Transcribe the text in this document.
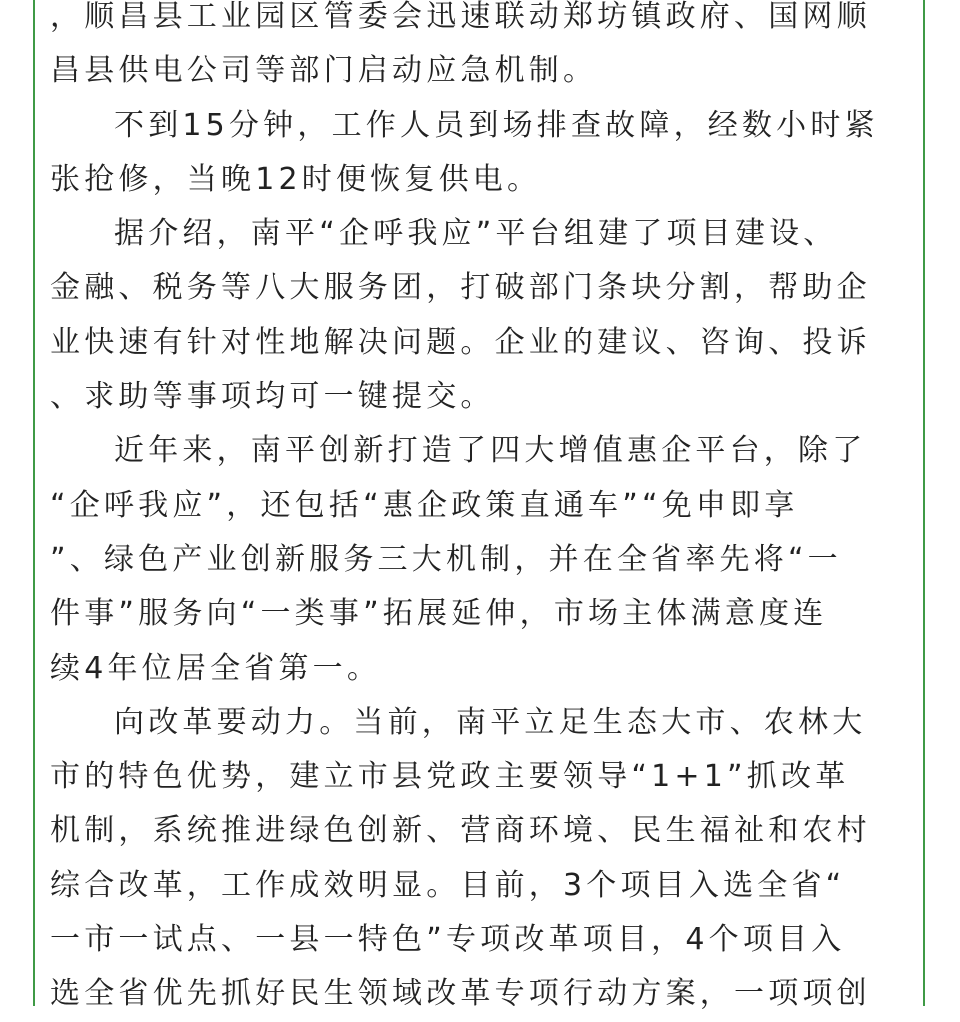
，顺昌县工业园区管委会迅速联动郑坊镇政府、国网顺
昌县供电公司等部门启动应急机制。
不到15分钟，工作人员到场排查故障，经数小时紧
张抢修，当晚12时便恢复供电。
据介绍，南平“企呼我应”平台组建了项目建设、
金融、税务等八大服务团，打破部门条块分割，帮助企
业快速有针对性地解决问题。企业的建议、咨询、投诉
、求助等事项均可一键提交。
近年来，南平创新打造了四大增值惠企平台，除了
“企呼我应”，还包括“惠企政策直通车”“免申即享
”、绿色产业创新服务三大机制，并在全省率先将“一
件事”服务向“一类事”拓展延伸，市场主体满意度连
续4年位居全省第一。
向改革要动力。当前，南平立足生态大市、农林大
市的特色优势，建立市县党政主要领导“1+1”抓改革
机制，系统推进绿色创新、营商环境、民生福祉和农村
综合改革，工作成效明显。目前，3个项目入选全省“
一市一试点、一县一特色”专项改革项目，4个项目入
选全省优先抓好民生领域改革专项行动方案，一项项创
